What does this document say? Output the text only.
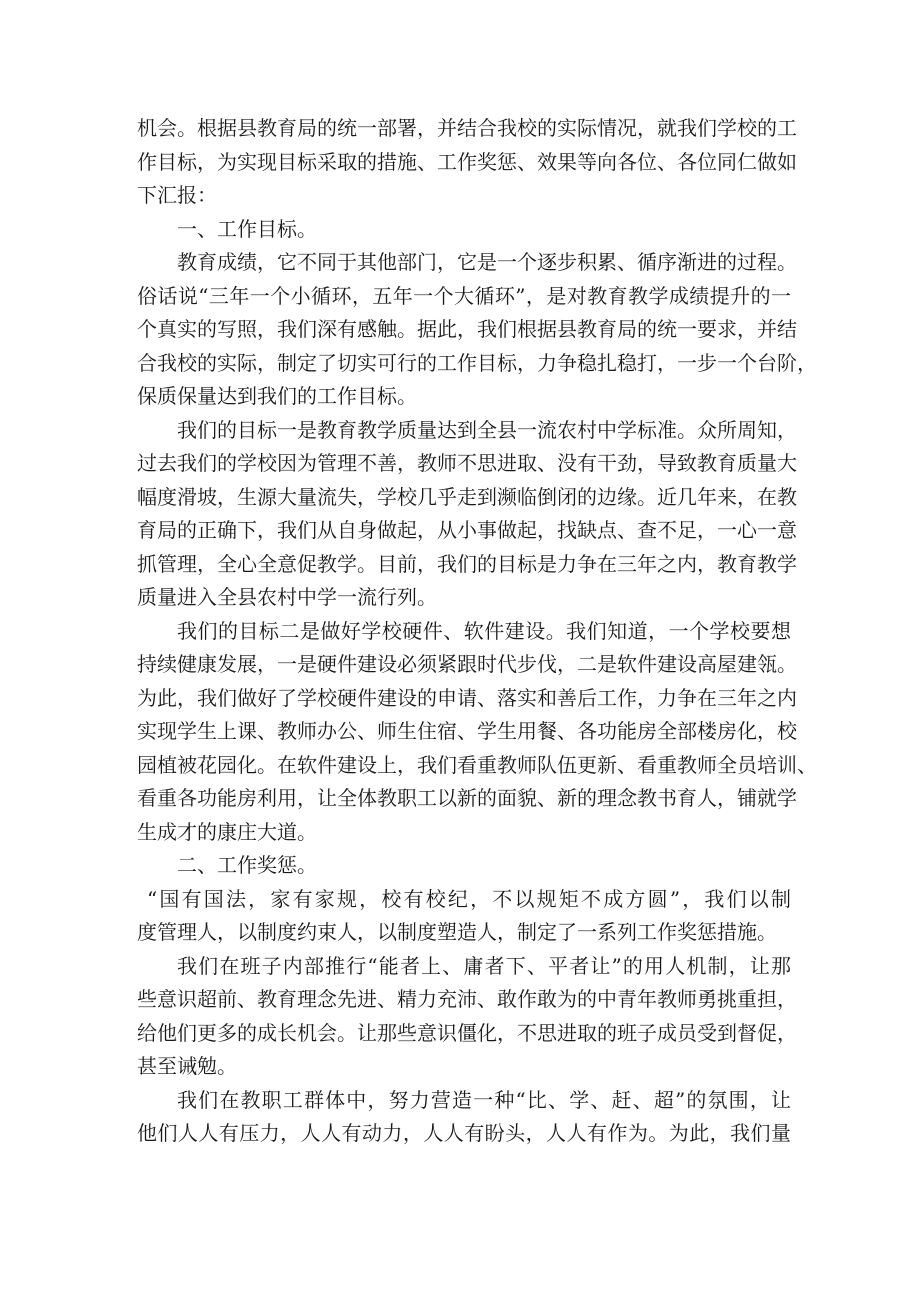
机会。根据县教育局的统一部署，并结合我校的实际情况，就我们学校的工
作目标，为实现目标采取的措施、工作奖惩、效果等向各位、各位同仁做如
下汇报：
一、工作目标。
教育成绩，它不同于其他部门，它是一个逐步积累、循序渐进的过程。
俗话说“三年一个小循环，五年一个大循环”，是对教育教学成绩提升的一
个真实的写照，我们深有感触。据此，我们根据县教育局的统一要求，并结
合我校的实际，制定了切实可行的工作目标，力争稳扎稳打，一步一个台阶，
保质保量达到我们的工作目标。
我们的目标一是教育教学质量达到全县一流农村中学标准。众所周知，
过去我们的学校因为管理不善，教师不思进取、没有干劲，导致教育质量大
幅度滑坡，生源大量流失，学校几乎走到濒临倒闭的边缘。近几年来，在教
育局的正确下，我们从自身做起，从小事做起，找缺点、查不足，一心一意
抓管理，全心全意促教学。目前，我们的目标是力争在三年之内，教育教学
质量进入全县农村中学一流行列。
我们的目标二是做好学校硬件、软件建设。我们知道，一个学校要想
持续健康发展，一是硬件建设必须紧跟时代步伐，二是软件建设高屋建瓴。
为此，我们做好了学校硬件建设的申请、落实和善后工作，力争在三年之内
实现学生上课、教师办公、师生住宿、学生用餐、各功能房全部楼房化，校
园植被花园化。在软件建设上，我们看重教师队伍更新、看重教师全员培训、
看重各功能房利用，让全体教职工以新的面貌、新的理念教书育人，铺就学
生成才的康庄大道。
二、工作奖惩。
“国有国法，家有家规，校有校纪，不以规矩不成方圆”，我们以制
度管理人，以制度约束人，以制度塑造人，制定了一系列工作奖惩措施。
我们在班子内部推行“能者上、庸者下、平者让”的用人机制，让那
些意识超前、教育理念先进、精力充沛、敢作敢为的中青年教师勇挑重担，
给他们更多的成长机会。让那些意识僵化，不思进取的班子成员受到督促，
甚至诫勉。
我们在教职工群体中，努力营造一种“比、学、赶、超”的氛围，让
他们人人有压力，人人有动力，人人有盼头，人人有作为。为此，我们量
